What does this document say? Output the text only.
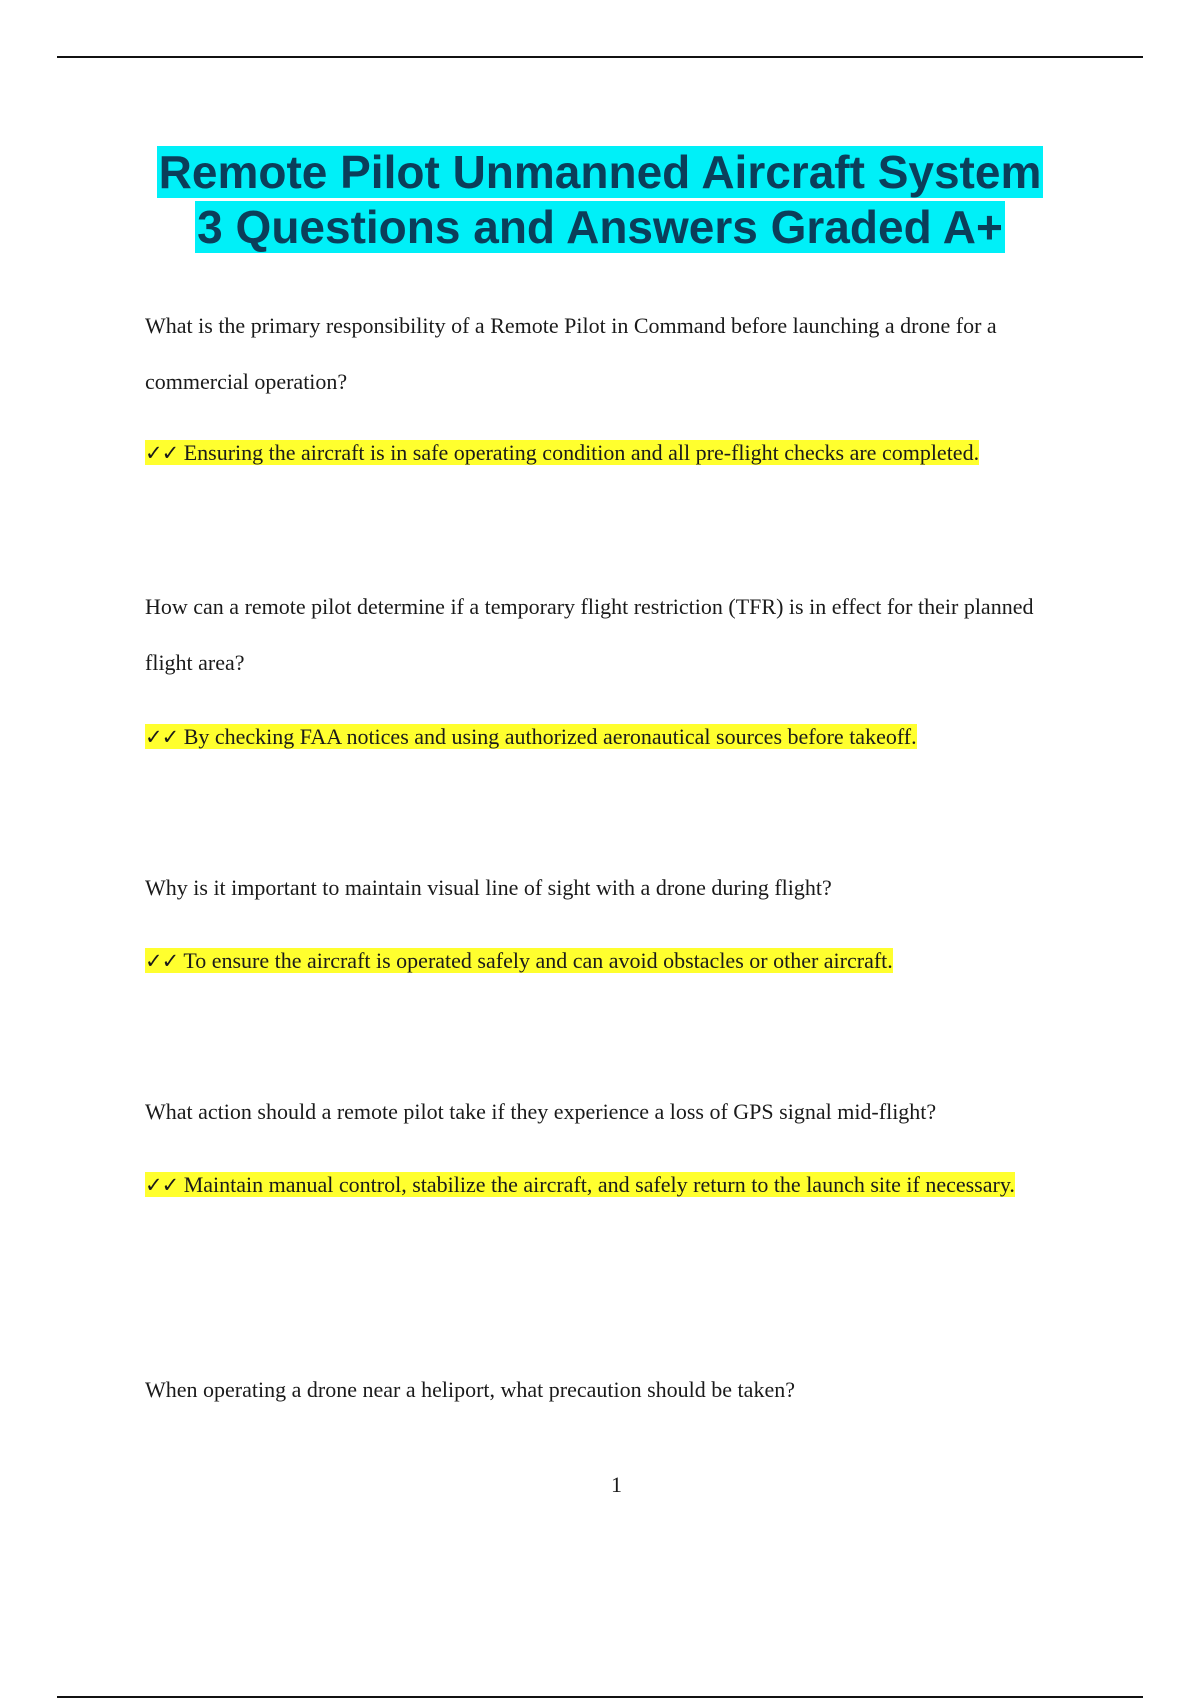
Remote Pilot Unmanned Aircraft System
3 Questions and Answers Graded A+

What is the primary responsibility of a Remote Pilot in Command before launching a drone for a commercial operation?

✓✓ Ensuring the aircraft is in safe operating condition and all pre-flight checks are completed.

How can a remote pilot determine if a temporary flight restriction (TFR) is in effect for their planned flight area?

✓✓ By checking FAA notices and using authorized aeronautical sources before takeoff.

Why is it important to maintain visual line of sight with a drone during flight?

✓✓ To ensure the aircraft is operated safely and can avoid obstacles or other aircraft.

What action should a remote pilot take if they experience a loss of GPS signal mid-flight?

✓✓ Maintain manual control, stabilize the aircraft, and safely return to the launch site if necessary.

When operating a drone near a heliport, what precaution should be taken?

1
